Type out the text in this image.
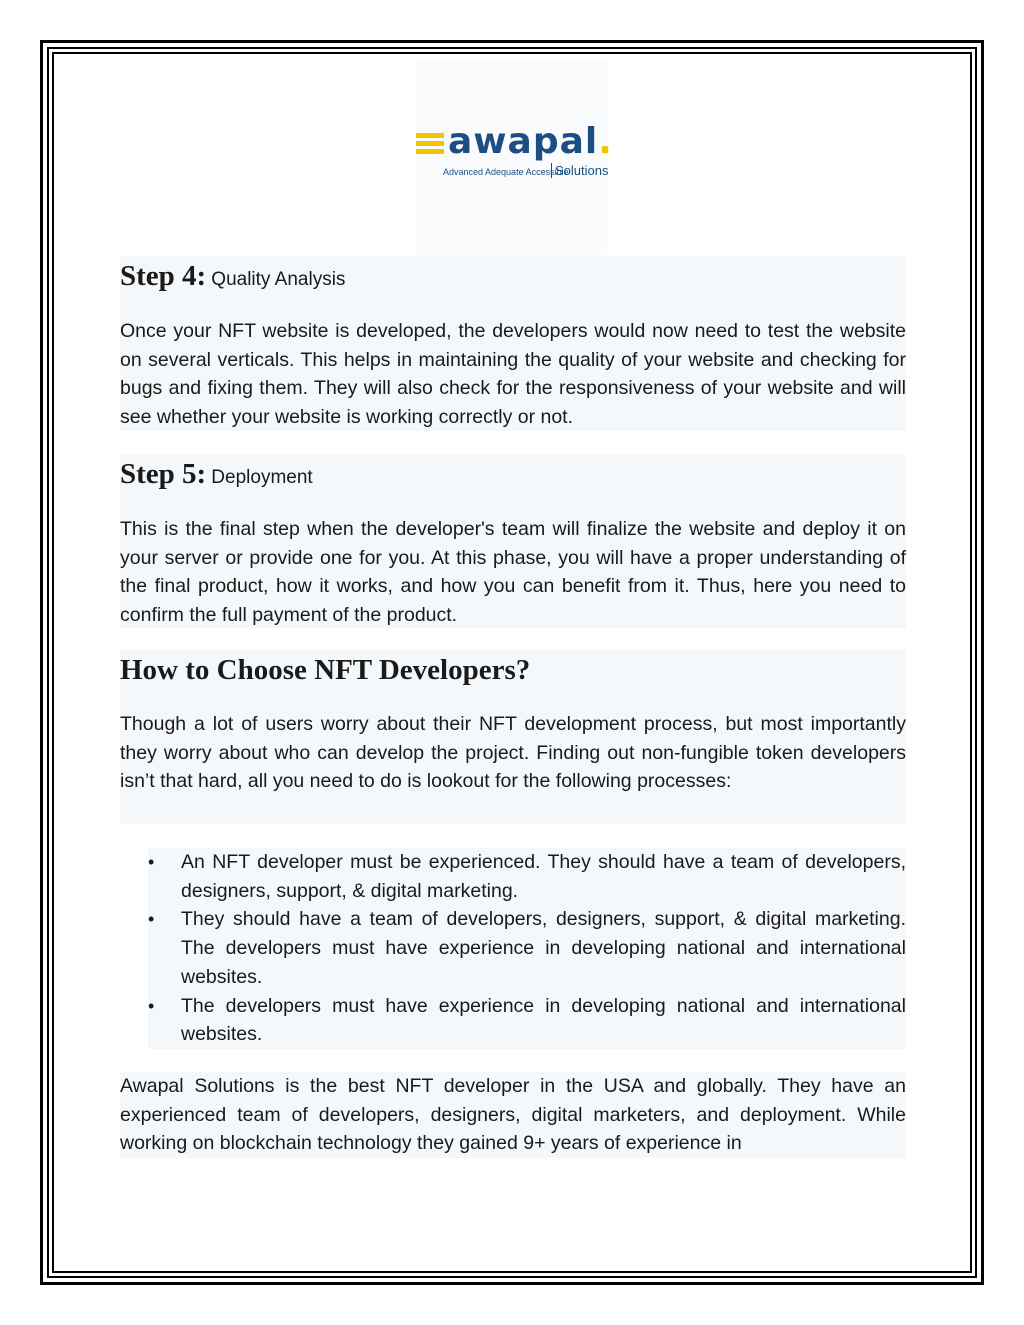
awapal.
Advanced Adequate Accessible
Solutions
Step 4: Quality Analysis

Once your NFT website is developed, the developers would now need to test the website on several verticals. This helps in maintaining the quality of your website and checking for bugs and fixing them. They will also check for the responsiveness of your website and will see whether your website is working correctly or not.

Step 5: Deployment

This is the final step when the developer's team will finalize the website and deploy it on your server or provide one for you. At this phase, you will have a proper understanding of the final product, how it works, and how you can benefit from it. Thus, here you need to confirm the full payment of the product.

How to Choose NFT Developers?

Though a lot of users worry about their NFT development process, but most importantly they worry about who can develop the project. Finding out non-fungible token developers isn’t that hard, all you need to do is lookout for the following processes:

• An NFT developer must be experienced. They should have a team of developers, designers, support, & digital marketing.
• They should have a team of developers, designers, support, & digital marketing. The developers must have experience in developing national and international websites.
• The developers must have experience in developing national and international websites.

Awapal Solutions is the best NFT developer in the USA and globally. They have an experienced team of developers, designers, digital marketers, and deployment. While working on blockchain technology they gained 9+ years of experience in
